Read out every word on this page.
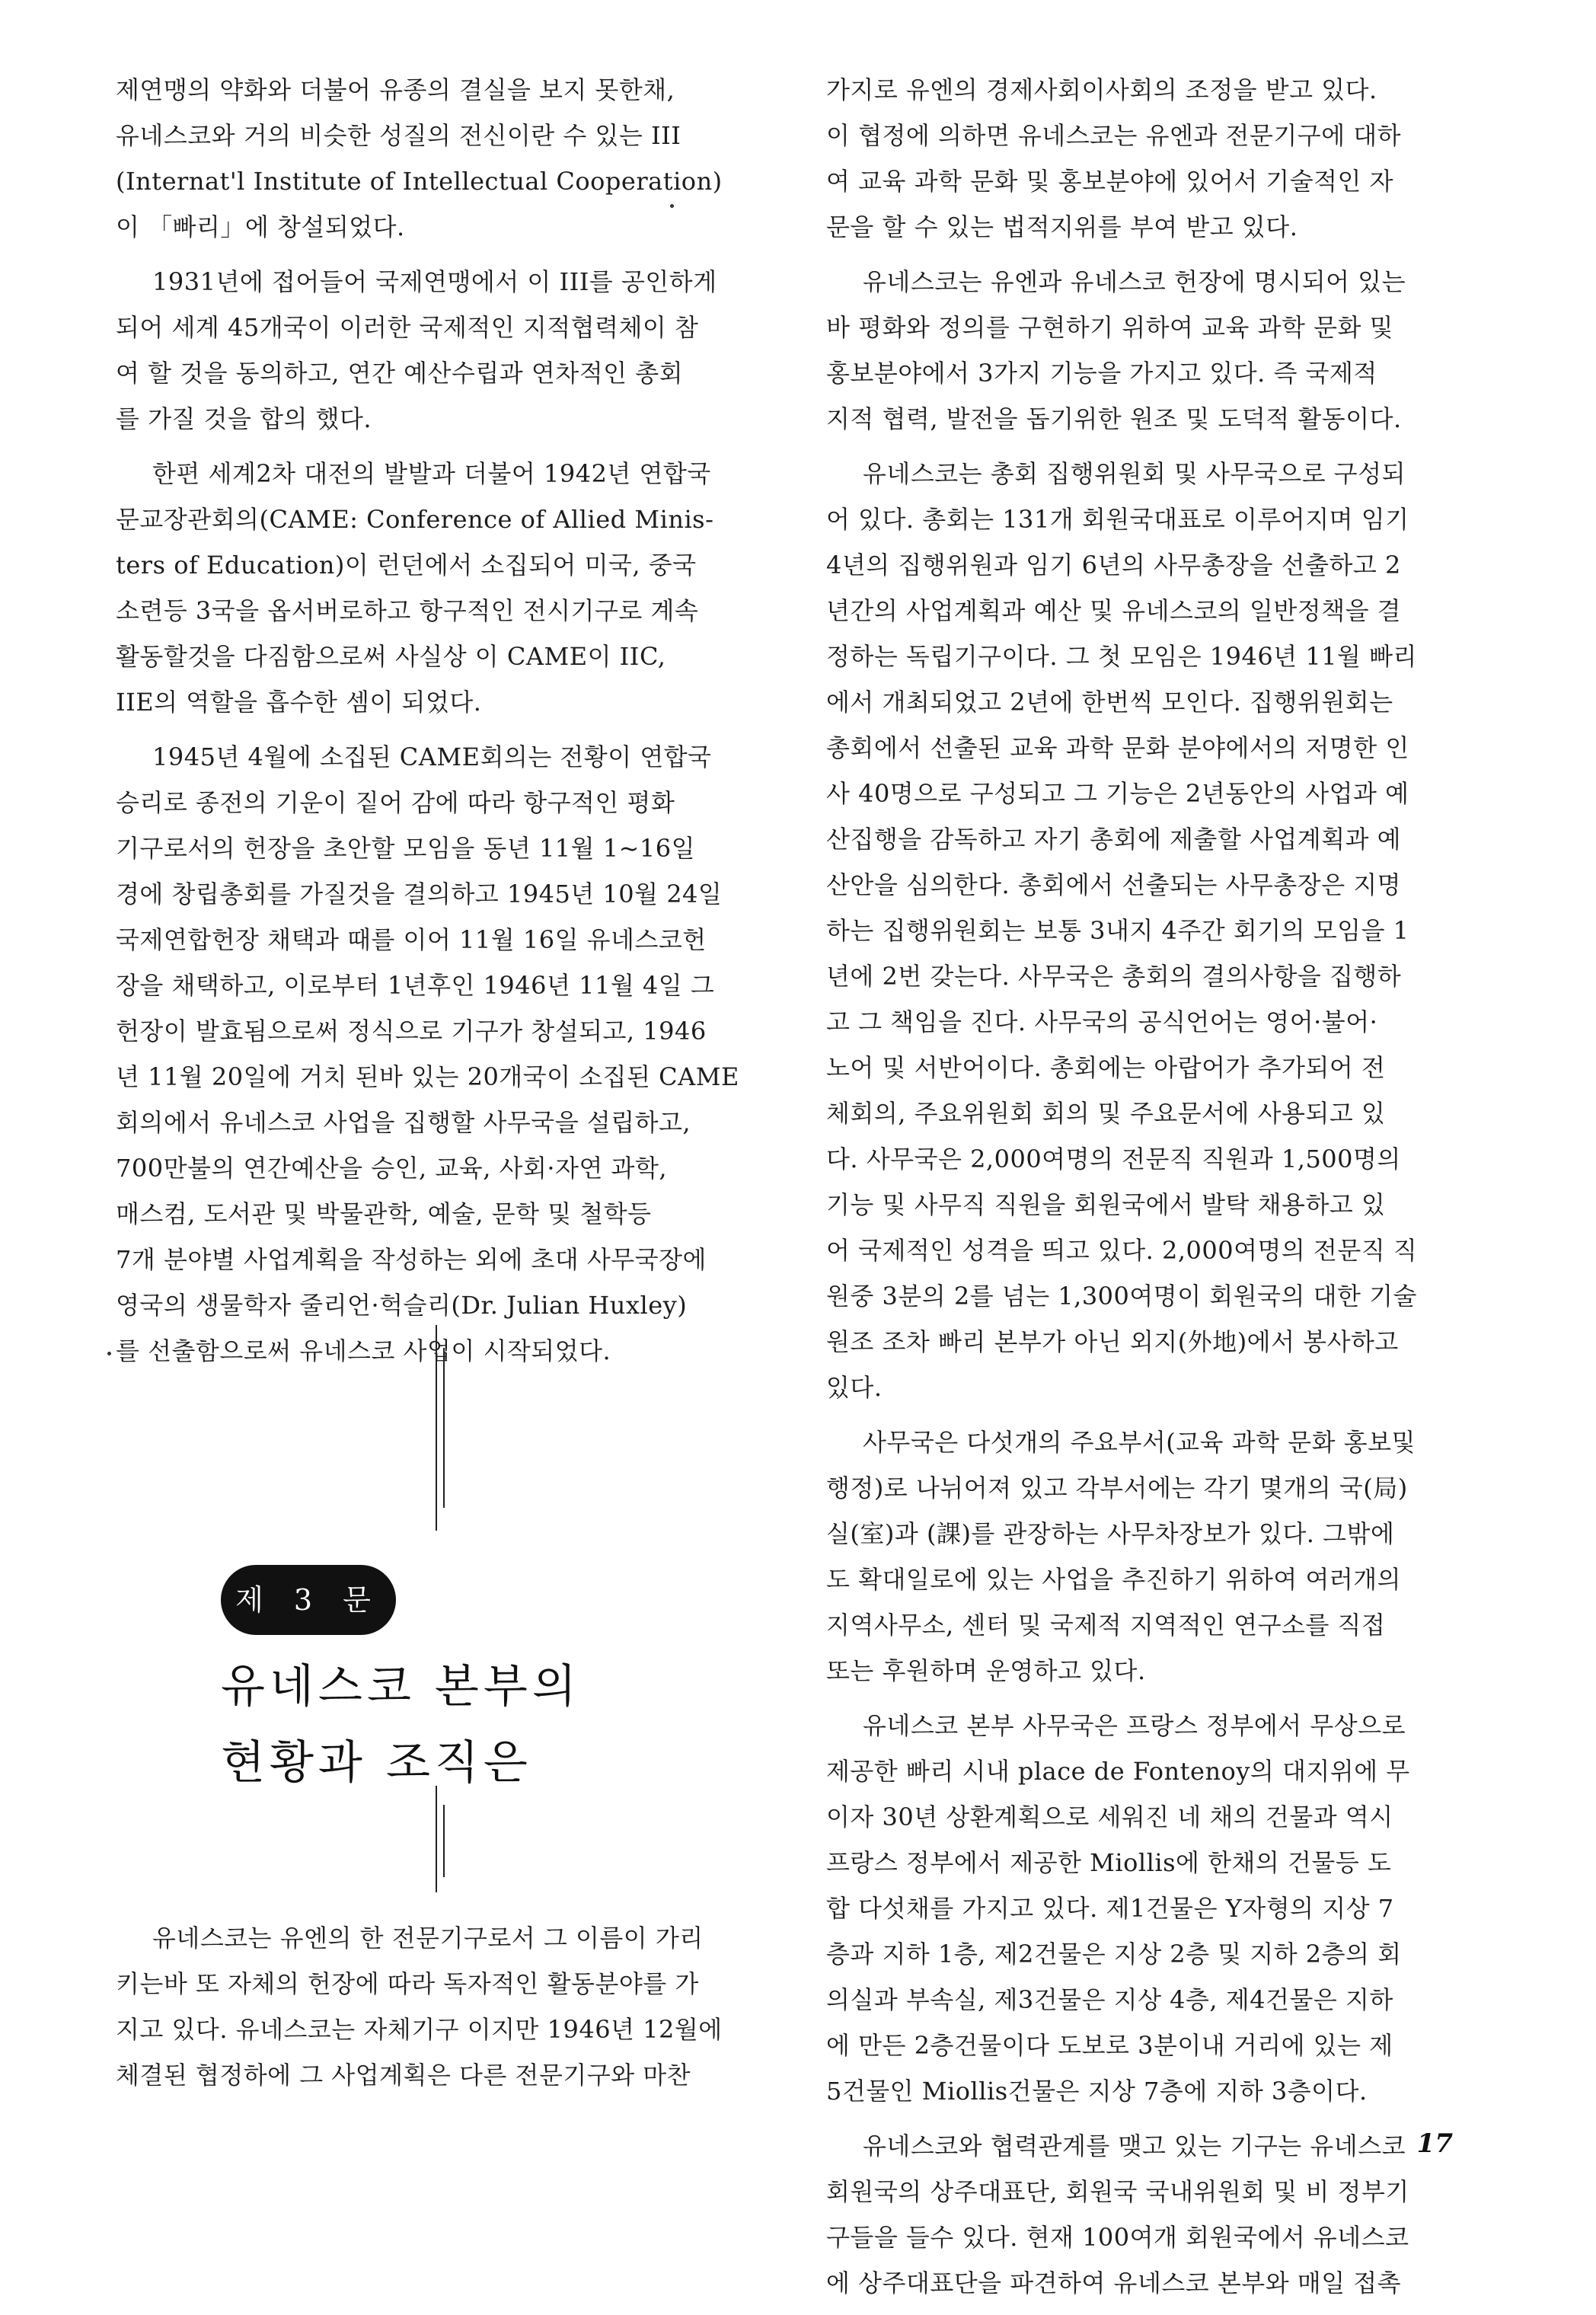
제연맹의 약화와 더불어 유종의 결실을 보지 못한채,
유네스코와 거의 비슷한 성질의 전신이란 수 있는 III
(Internat'l Institute of Intellectual Cooperation)
이 「빠리」에 창설되었다.
1931년에 접어들어 국제연맹에서 이 III를 공인하게
되어 세계 45개국이 이러한 국제적인 지적협력체이 참
여 할 것을 동의하고, 연간 예산수립과 연차적인 총회
를 가질 것을 합의 했다.
한편 세계2차 대전의 발발과 더불어 1942년 연합국
문교장관회의(CAME: Conference of Allied Minis-
ters of Education)이 런던에서 소집되어 미국, 중국
소련등 3국을 옵서버로하고 항구적인 전시기구로 계속
활동할것을 다짐함으로써 사실상 이 CAME이 IIC,
IIE의 역할을 흡수한 셈이 되었다.
1945년 4월에 소집된 CAME회의는 전황이 연합국
승리로 종전의 기운이 짙어 감에 따라 항구적인 평화
기구로서의 헌장을 초안할 모임을 동년 11월 1~16일
경에 창립총회를 가질것을 결의하고 1945년 10월 24일
국제연합헌장 채택과 때를 이어 11월 16일 유네스코헌
장을 채택하고, 이로부터 1년후인 1946년 11월 4일 그
헌장이 발효됨으로써 정식으로 기구가 창설되고, 1946
년 11월 20일에 거치 된바 있는 20개국이 소집된 CAME
회의에서 유네스코 사업을 집행할 사무국을 설립하고,
700만불의 연간예산을 승인, 교육, 사회·자연 과학,
매스컴, 도서관 및 박물관학, 예술, 문학 및 철학등
7개 분야별 사업계획을 작성하는 외에 초대 사무국장에
영국의 생물학자 줄리언·헉슬리(Dr. Julian Huxley)
를 선출함으로써 유네스코 사업이 시작되었다.
제 3 문
유네스코 본부의
현황과 조직은
유네스코는 유엔의 한 전문기구로서 그 이름이 가리
키는바 또 자체의 헌장에 따라 독자적인 활동분야를 가
지고 있다. 유네스코는 자체기구 이지만 1946년 12월에
체결된 협정하에 그 사업계획은 다른 전문기구와 마찬
가지로 유엔의 경제사회이사회의 조정을 받고 있다.
이 협정에 의하면 유네스코는 유엔과 전문기구에 대하
여 교육 과학 문화 및 홍보분야에 있어서 기술적인 자
문을 할 수 있는 법적지위를 부여 받고 있다.
유네스코는 유엔과 유네스코 헌장에 명시되어 있는
바 평화와 정의를 구현하기 위하여 교육 과학 문화 및
홍보분야에서 3가지 기능을 가지고 있다. 즉 국제적
지적 협력, 발전을 돕기위한 원조 및 도덕적 활동이다.
유네스코는 총회 집행위원회 및 사무국으로 구성되
어 있다. 총회는 131개 회원국대표로 이루어지며 임기
4년의 집행위원과 임기 6년의 사무총장을 선출하고 2
년간의 사업계획과 예산 및 유네스코의 일반정책을 결
정하는 독립기구이다. 그 첫 모임은 1946년 11월 빠리
에서 개최되었고 2년에 한번씩 모인다. 집행위원회는
총회에서 선출된 교육 과학 문화 분야에서의 저명한 인
사 40명으로 구성되고 그 기능은 2년동안의 사업과 예
산집행을 감독하고 자기 총회에 제출할 사업계획과 예
산안을 심의한다. 총회에서 선출되는 사무총장은 지명
하는 집행위원회는 보통 3내지 4주간 회기의 모임을 1
년에 2번 갖는다. 사무국은 총회의 결의사항을 집행하
고 그 책임을 진다. 사무국의 공식언어는 영어·불어·
노어 및 서반어이다. 총회에는 아랍어가 추가되어 전
체회의, 주요위원회 회의 및 주요문서에 사용되고 있
다. 사무국은 2,000여명의 전문직 직원과 1,500명의
기능 및 사무직 직원을 회원국에서 발탁 채용하고 있
어 국제적인 성격을 띄고 있다. 2,000여명의 전문직 직
원중 3분의 2를 넘는 1,300여명이 회원국의 대한 기술
원조 조차 빠리 본부가 아닌 외지(外地)에서 봉사하고
있다.
사무국은 다섯개의 주요부서(교육 과학 문화 홍보및
행정)로 나뉘어져 있고 각부서에는 각기 몇개의 국(局)
실(室)과 (課)를 관장하는 사무차장보가 있다. 그밖에
도 확대일로에 있는 사업을 추진하기 위하여 여러개의
지역사무소, 센터 및 국제적 지역적인 연구소를 직접
또는 후원하며 운영하고 있다.
유네스코 본부 사무국은 프랑스 정부에서 무상으로
제공한 빠리 시내 place de Fontenoy의 대지위에 무
이자 30년 상환계획으로 세워진 네 채의 건물과 역시
프랑스 정부에서 제공한 Miollis에 한채의 건물등 도
합 다섯채를 가지고 있다. 제1건물은 Y자형의 지상 7
층과 지하 1층, 제2건물은 지상 2층 및 지하 2층의 회
의실과 부속실, 제3건물은 지상 4층, 제4건물은 지하
에 만든 2층건물이다 도보로 3분이내 거리에 있는 제
5건물인 Miollis건물은 지상 7층에 지하 3층이다.
유네스코와 협력관계를 맺고 있는 기구는 유네스코
회원국의 상주대표단, 회원국 국내위원회 및 비 정부기
구들을 들수 있다. 현재 100여개 회원국에서 유네스코
에 상주대표단을 파견하여 유네스코 본부와 매일 접촉
17
